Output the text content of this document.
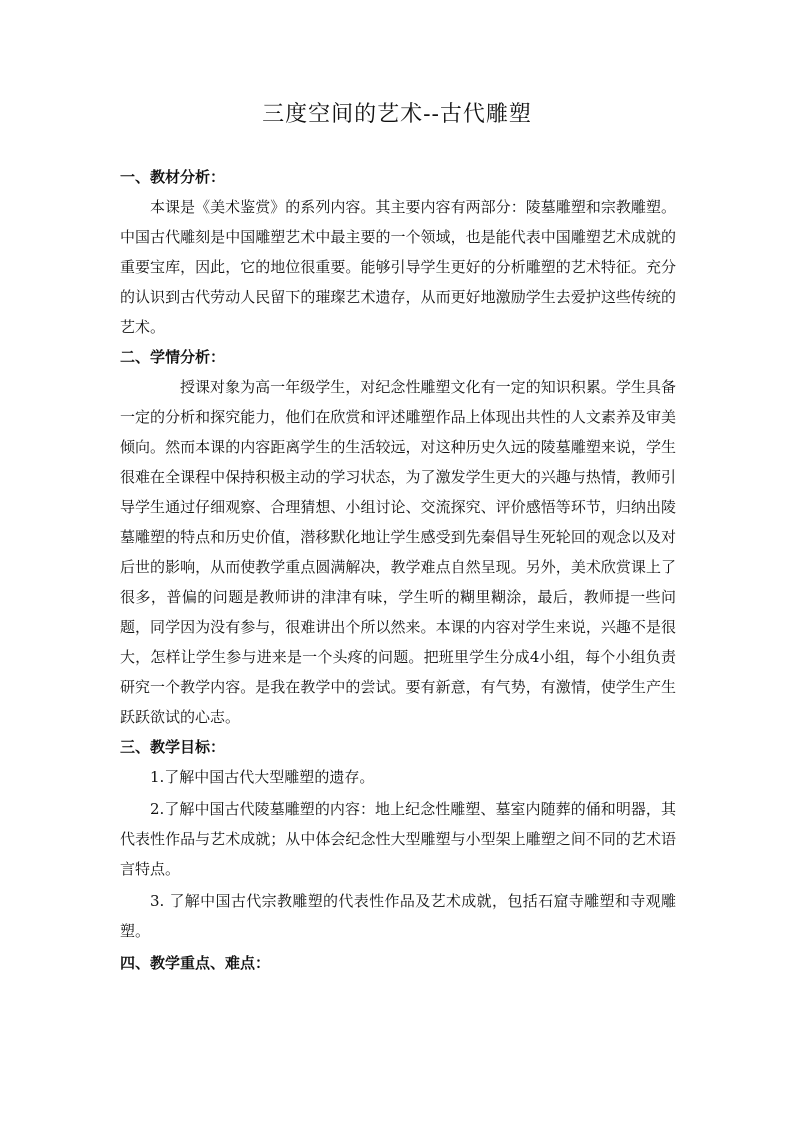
三度空间的艺术--古代雕塑

一、教材分析：

本课是《美术鉴赏》的系列内容。其主要内容有两部分：陵墓雕塑和宗教雕塑。中国古代雕刻是中国雕塑艺术中最主要的一个领域，也是能代表中国雕塑艺术成就的重要宝库，因此，它的地位很重要。能够引导学生更好的分析雕塑的艺术特征。充分的认识到古代劳动人民留下的璀璨艺术遗存，从而更好地激励学生去爱护这些传统的艺术。

二、学情分析：

授课对象为高一年级学生，对纪念性雕塑文化有一定的知识积累。学生具备一定的分析和探究能力，他们在欣赏和评述雕塑作品上体现出共性的人文素养及审美倾向。然而本课的内容距离学生的生活较远，对这种历史久远的陵墓雕塑来说，学生很难在全课程中保持积极主动的学习状态，为了激发学生更大的兴趣与热情，教师引导学生通过仔细观察、合理猜想、小组讨论、交流探究、评价感悟等环节，归纳出陵墓雕塑的特点和历史价值，潜移默化地让学生感受到先秦倡导生死轮回的观念以及对后世的影响，从而使教学重点圆满解决，教学难点自然呈现。另外，美术欣赏课上了很多，普偏的问题是教师讲的津津有味，学生听的糊里糊涂，最后，教师提一些问题，同学因为没有参与，很难讲出个所以然来。本课的内容对学生来说，兴趣不是很大，怎样让学生参与进来是一个头疼的问题。把班里学生分成4小组，每个小组负责研究一个教学内容。是我在教学中的尝试。要有新意，有气势，有激情，使学生产生跃跃欲试的心志。

三、教学目标：

1.了解中国古代大型雕塑的遗存。

2.了解中国古代陵墓雕塑的内容：地上纪念性雕塑、墓室内随葬的俑和明器，其代表性作品与艺术成就；从中体会纪念性大型雕塑与小型架上雕塑之间不同的艺术语言特点。

3. 了解中国古代宗教雕塑的代表性作品及艺术成就，包括石窟寺雕塑和寺观雕塑。

四、教学重点、难点：
